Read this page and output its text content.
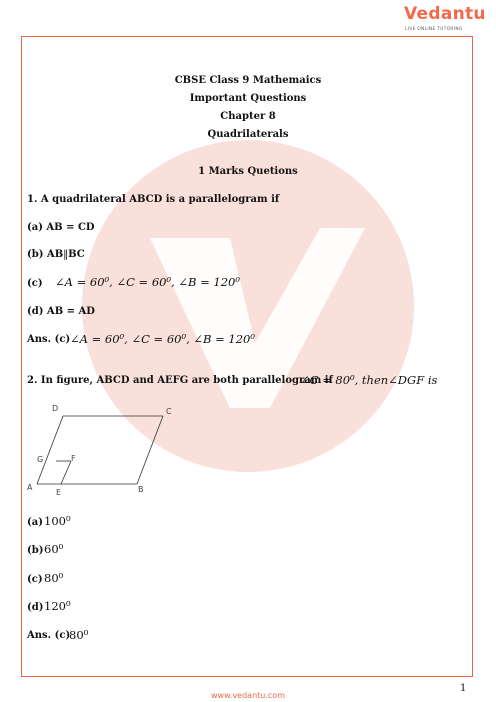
Vedantu
LIVE ONLINE TUTORING
CBSE Class 9 Mathemaics
Important Questions
Chapter 8
Quadrilaterals
1 Marks Quetions
1. A quadrilateral ABCD is a parallelogram if
(a) AB = CD
(b) AB‖BC
(c) ∠A = 60⁰, ∠C = 60⁰, ∠B = 120⁰
(d) AB = AD
Ans. (c) ∠A = 60⁰, ∠C = 60⁰, ∠B = 120⁰
2. In figure, ABCD and AEFG are both parallelogram if
∠C = 80⁰, then∠DGF is
D	C
G	F
A
E	B
(a) 100⁰
(b) 60⁰
(c) 80⁰
(d) 120⁰
Ans. (c)
80⁰
1
www.vedantu.com
